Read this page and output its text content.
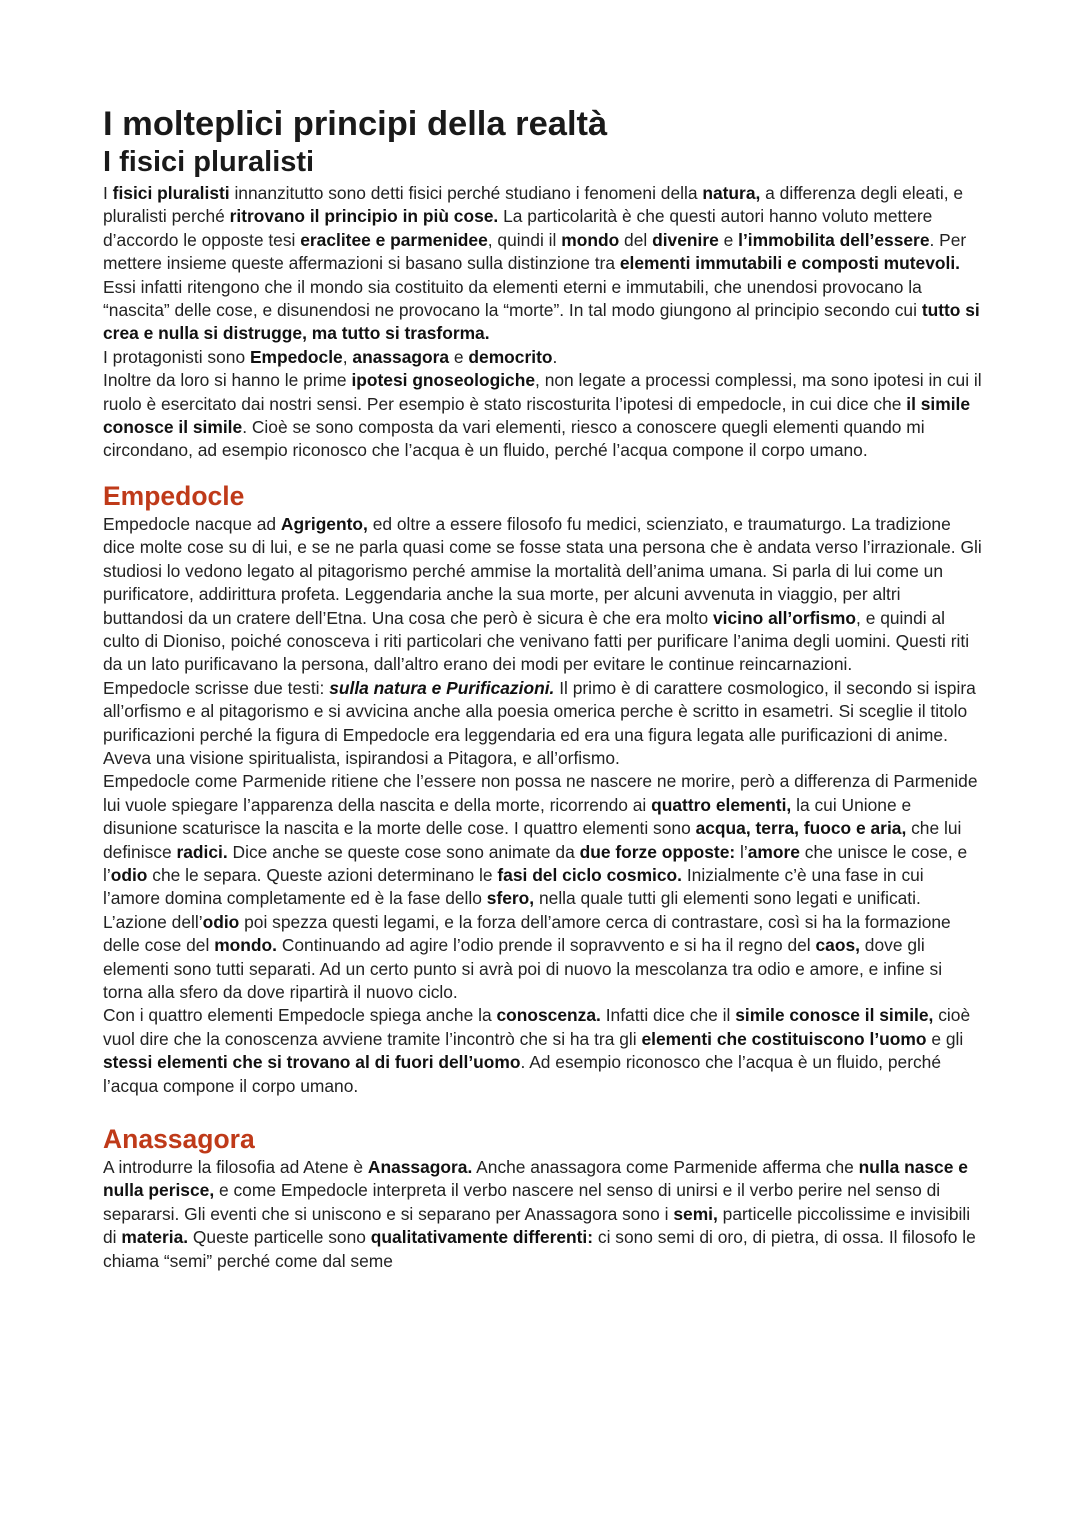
I molteplici principi della realtà
I fisici pluralisti

I fisici pluralisti innanzitutto sono detti fisici perché studiano i fenomeni della natura, a differenza degli eleati, e pluralisti perché ritrovano il principio in più cose. La particolarità è che questi autori hanno voluto mettere d’accordo le opposte tesi eraclitee e parmenidee, quindi il mondo del divenire e l’immobilita dell’essere. Per mettere insieme queste affermazioni si basano sulla distinzione tra elementi immutabili e composti mutevoli. Essi infatti ritengono che il mondo sia costituito da elementi eterni e immutabili, che unendosi provocano la “nascita” delle cose, e disunendosi ne provocano la “morte”. In tal modo giungono al principio secondo cui tutto si crea e nulla si distrugge, ma tutto si trasforma.

I protagonisti sono Empedocle, anassagora e democrito.

Inoltre da loro si hanno le prime ipotesi gnoseologiche, non legate a processi complessi, ma sono ipotesi in cui il ruolo è esercitato dai nostri sensi. Per esempio è stato riscosturita l’ipotesi di empedocle, in cui dice che il simile conosce il simile. Cioè se sono composta da vari elementi, riesco a conoscere quegli elementi quando mi circondano, ad esempio riconosco che l’acqua è un fluido, perché l’acqua compone il corpo umano.

Empedocle

Empedocle nacque ad Agrigento, ed oltre a essere filosofo fu medici, scienziato, e traumaturgo. La tradizione dice molte cose su di lui, e se ne parla quasi come se fosse stata una persona che è andata verso l’irrazionale. Gli studiosi lo vedono legato al pitagorismo perché ammise la mortalità dell’anima umana. Si parla di lui come un purificatore, addirittura profeta. Leggendaria anche la sua morte, per alcuni avvenuta in viaggio, per altri buttandosi da un cratere dell’Etna. Una cosa che però è sicura è che era molto vicino all’orfismo, e quindi al culto di Dioniso, poiché conosceva i riti particolari che venivano fatti per purificare l’anima degli uomini. Questi riti da un lato purificavano la persona, dall’altro erano dei modi per evitare le continue reincarnazioni.

Empedocle scrisse due testi: sulla natura e Purificazioni. Il primo è di carattere cosmologico, il secondo si ispira all’orfismo e al pitagorismo e si avvicina anche alla poesia omerica perche è scritto in esametri. Si sceglie il titolo purificazioni perché la figura di Empedocle era leggendaria ed era una figura legata alle purificazioni di anime. Aveva una visione spiritualista, ispirandosi a Pitagora, e all’orfismo.

Empedocle come Parmenide ritiene che l’essere non possa ne nascere ne morire, però a differenza di Parmenide lui vuole spiegare l’apparenza della nascita e della morte, ricorrendo ai quattro elementi, la cui Unione e disunione scaturisce la nascita e la morte delle cose. I quattro elementi sono acqua, terra, fuoco e aria, che lui definisce radici. Dice anche se queste cose sono animate da due forze opposte: l’amore che unisce le cose, e l’odio che le separa. Queste azioni determinano le fasi del ciclo cosmico. Inizialmente c’è una fase in cui l’amore domina completamente ed è la fase dello sfero, nella quale tutti gli elementi sono legati e unificati.

L’azione dell’odio poi spezza questi legami, e la forza dell’amore cerca di contrastare, così si ha la formazione delle cose del mondo. Continuando ad agire l’odio prende il sopravvento e si ha il regno del caos, dove gli elementi sono tutti separati. Ad un certo punto si avrà poi di nuovo la mescolanza tra odio e amore, e infine si torna alla sfero da dove ripartirà il nuovo ciclo.

Con i quattro elementi Empedocle spiega anche la conoscenza. Infatti dice che il simile conosce il simile, cioè vuol dire che la conoscenza avviene tramite l’incontrò che si ha tra gli elementi che costituiscono l’uomo e gli stessi elementi che si trovano al di fuori dell’uomo. Ad esempio riconosco che l’acqua è un fluido, perché l’acqua compone il corpo umano.

Anassagora

A introdurre la filosofia ad Atene è Anassagora. Anche anassagora come Parmenide afferma che nulla nasce e nulla perisce, e come Empedocle interpreta il verbo nascere nel senso di unirsi e il verbo perire nel senso di separarsi. Gli eventi che si uniscono e si separano per Anassagora sono i semi, particelle piccolissime e invisibili di materia. Queste particelle sono qualitativamente differenti: ci sono semi di oro, di pietra, di ossa. Il filosofo le chiama “semi” perché come dal seme
